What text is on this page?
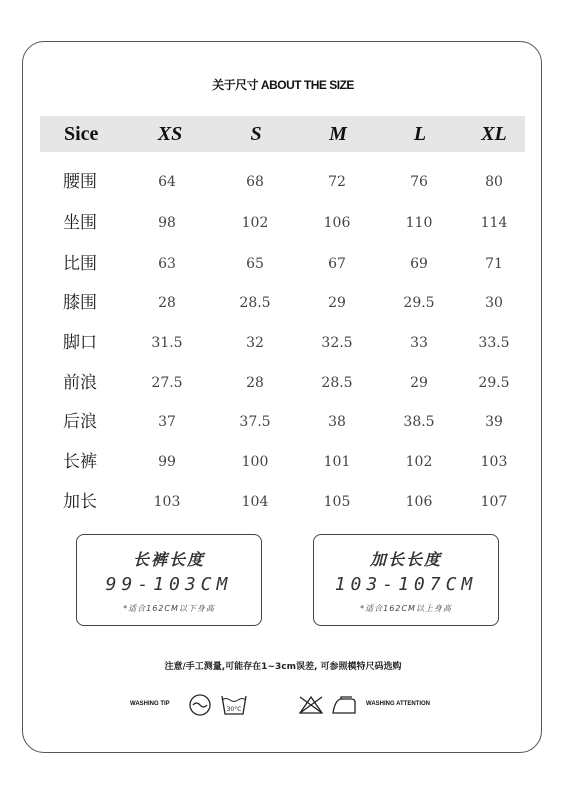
关于尺寸 ABOUT THE SIZE
Sice	XS	S	M	L	XL
腰围	64	68	72	76	80
坐围	98	102	106	110	114
比围	63	65	67	69	71
膝围	28	28.5	29	29.5	30
脚口	31.5	32	32.5	33	33.5
前浪	27.5	28	28.5	29	29.5
后浪	37	37.5	38	38.5	39
长裤	99	100	101	102	103
加长	103	104	105	106	107
长裤长度
99-103CM
*适合162CM以下身高
加长长度
103-107CM
*适合162CM以上身高
注意/手工测量,可能存在1~3cm误差, 可参照模特尺码选购
WASHING TIP
30°C
WASHING ATTENTION
